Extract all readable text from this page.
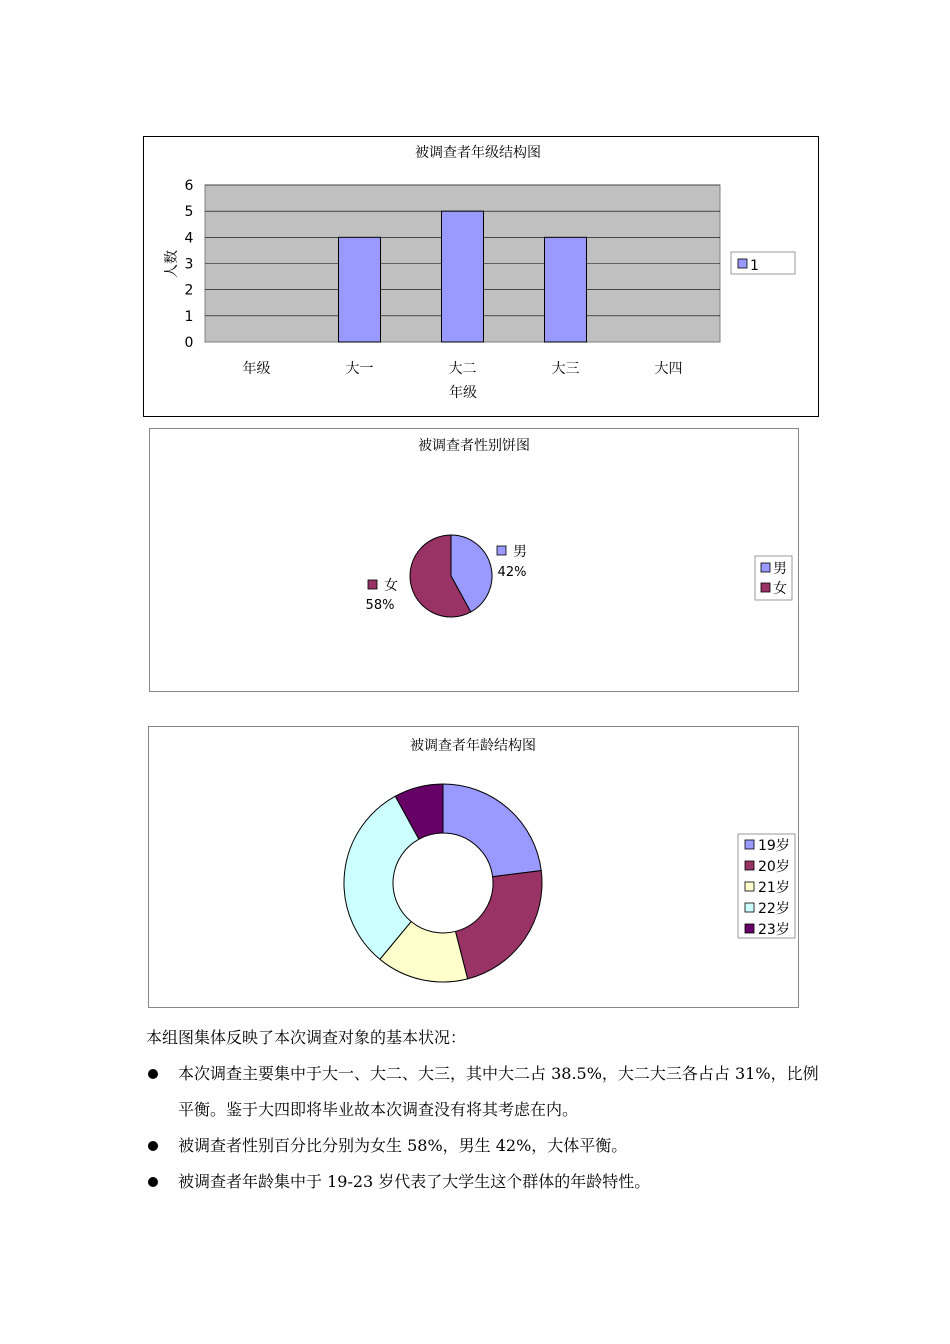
被调查者年级结构图
0
1
2
3
4
5
6
年级	大一	大二	大三	大四
年级
人数	1
被调查者性别饼图
男
42%
女
58%
男
女
被调查者年龄结构图
19岁
20岁
21岁
22岁
23岁
本组图集体反映了本次调查对象的基本状况：
本次调查主要集中于大一、大二、大三，其中大二占 38.5%，大二大三各占占 31%，比例平衡。鉴于大四即将毕业故本次调查没有将其考虑在内。
被调查者性别百分比分别为女生 58%，男生 42%，大体平衡。
被调查者年龄集中于 19-23 岁代表了大学生这个群体的年龄特性。
